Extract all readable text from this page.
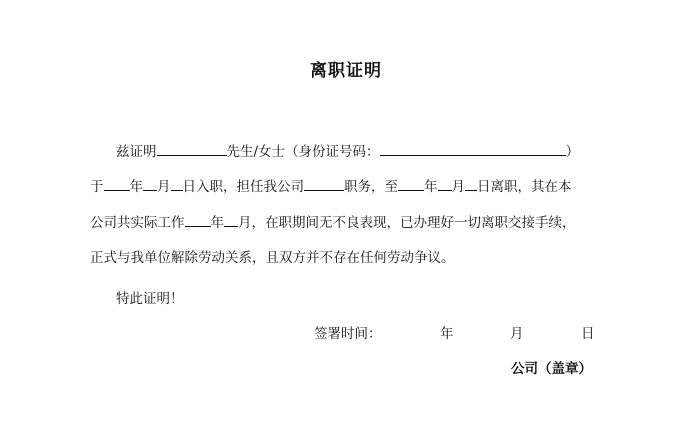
离职证明
兹证明	先生/女士（身份证号码：	）
于 年 月 日入职，担任我公司	职务，至 年 月 日离职，其在本
公司共实际工作 年 月，在职期间无不良表现，已办理好一切离职交接手续，
正式与我单位解除劳动关系，且双方并不存在任何劳动争议。
特此证明！
签署时间：	年	月	日
公司（盖章）
